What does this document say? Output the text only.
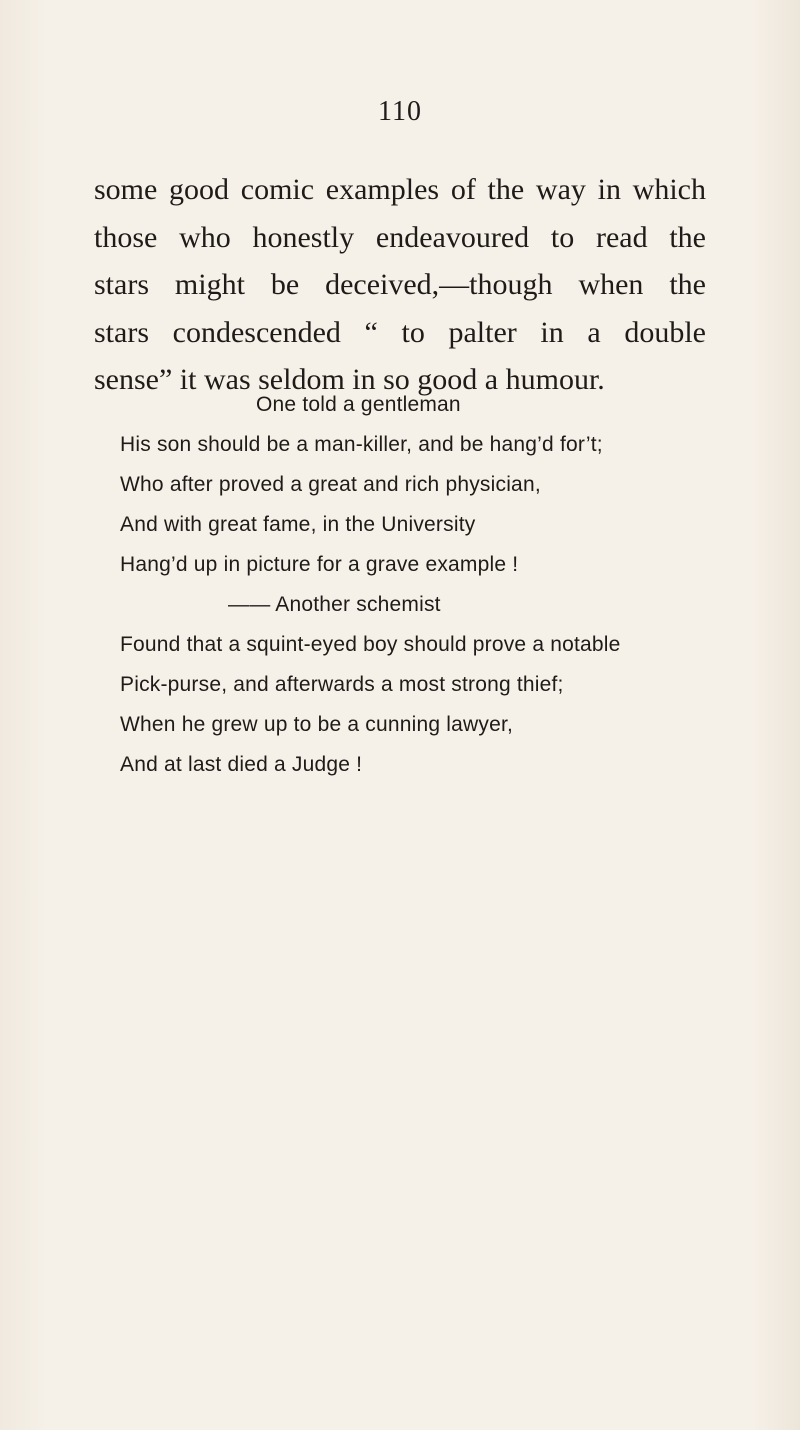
110
some good comic examples of the way in which
those who honestly endeavoured to read the
stars might be deceived,—though when the
stars condescended “ to palter in a double
sense” it was seldom in so good a humour.
One told a gentleman
His son should be a man-killer, and be hang’d for’t;
Who after proved a great and rich physician,
And with great fame, in the University
Hang’d up in picture for a grave example !
—— Another schemist
Found that a squint-eyed boy should prove a notable
Pick-purse, and afterwards a most strong thief;
When he grew up to be a cunning lawyer,
And at last died a Judge !
